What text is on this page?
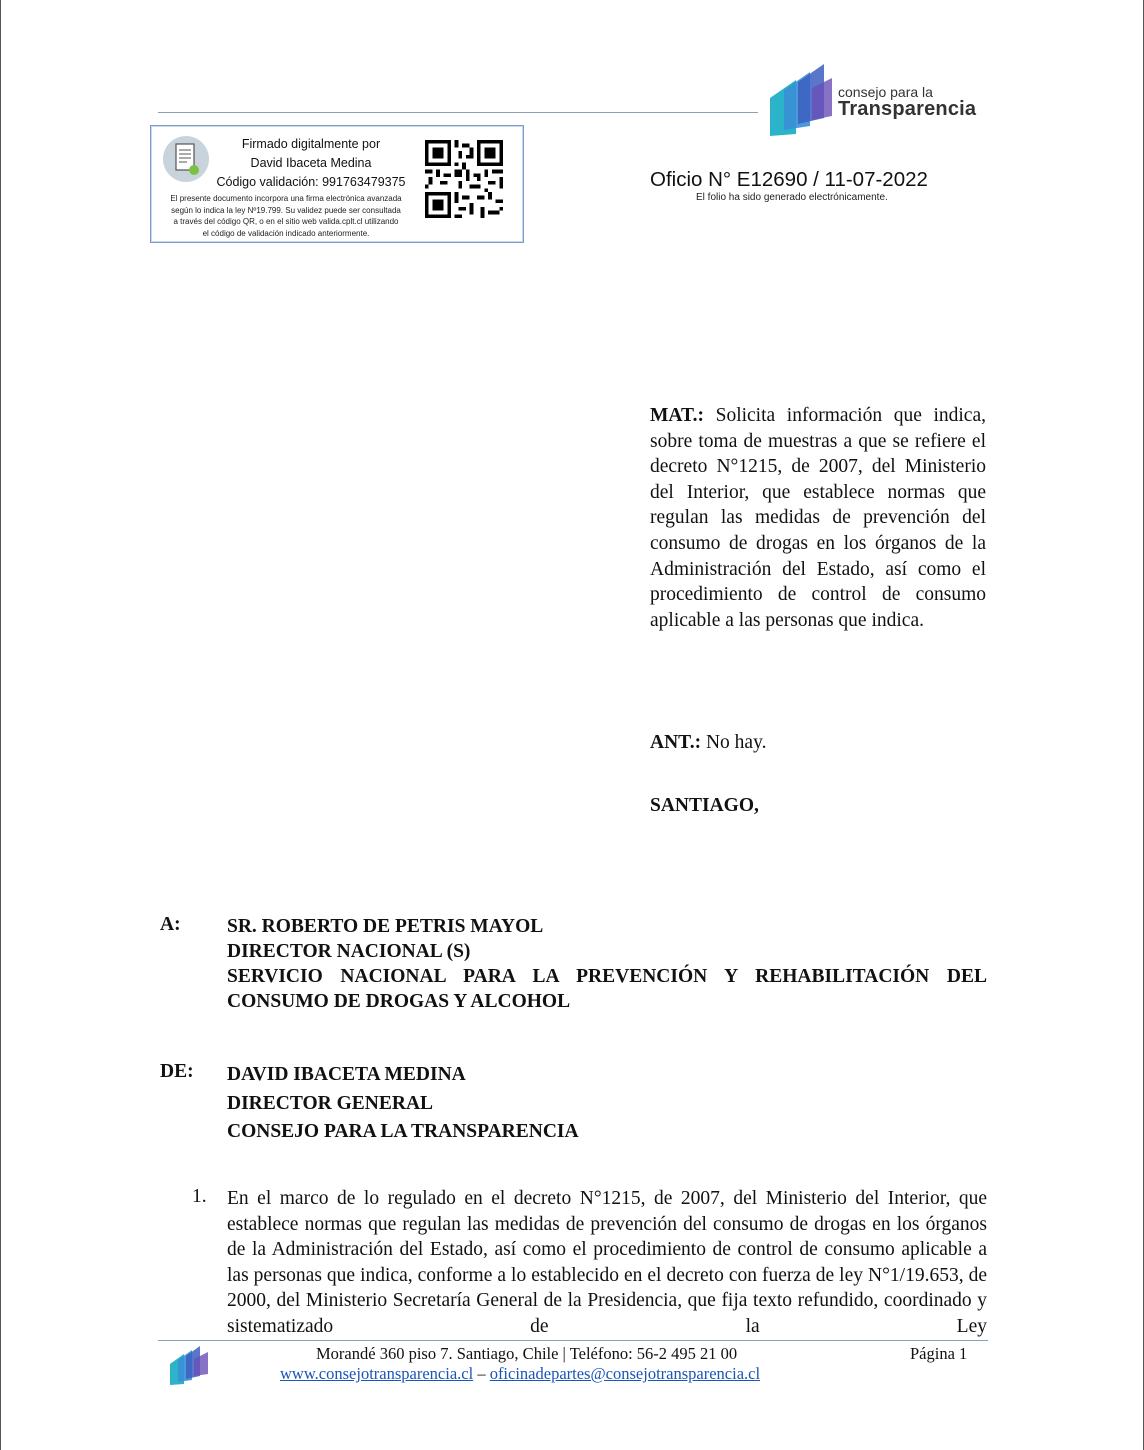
consejo para la
Transparencia
Firmado digitalmente por
David Ibaceta Medina
Código validación: 991763479375
El presente documento incorpora una firma electrónica avanzada
según lo indica la ley Nº19.799. Su validez puede ser consultada
a través del código QR, o en el sitio web valida.cplt.cl utilizando
el código de validación indicado anteriormente.
Oficio N° E12690 / 11-07-2022
El folio ha sido generado electrónicamente.
MAT.: Solicita información que indica, sobre toma de muestras a que se refiere el decreto N°1215, de 2007, del Ministerio del Interior, que establece normas que regulan las medidas de prevención del consumo de drogas en los órganos de la Administración del Estado, así como el procedimiento de control de consumo aplicable a las personas que indica.
ANT.: No hay.
SANTIAGO,
A: SR. ROBERTO DE PETRIS MAYOL
DIRECTOR NACIONAL (S)
SERVICIO NACIONAL PARA LA PREVENCIÓN Y REHABILITACIÓN DEL
CONSUMO DE DROGAS Y ALCOHOL
DE: DAVID IBACETA MEDINA
DIRECTOR GENERAL
CONSEJO PARA LA TRANSPARENCIA
1. En el marco de lo regulado en el decreto N°1215, de 2007, del Ministerio del Interior, que establece normas que regulan las medidas de prevención del consumo de drogas en los órganos de la Administración del Estado, así como el procedimiento de control de consumo aplicable a las personas que indica, conforme a lo establecido en el decreto con fuerza de ley N°1/19.653, de 2000, del Ministerio Secretaría General de la Presidencia, que fija texto refundido, coordinado y sistematizado de la Ley
Morandé 360 piso 7. Santiago, Chile | Teléfono: 56-2 495 21 00	Página 1
www.consejotransparencia.cl – oficinadepartes@consejotransparencia.cl
